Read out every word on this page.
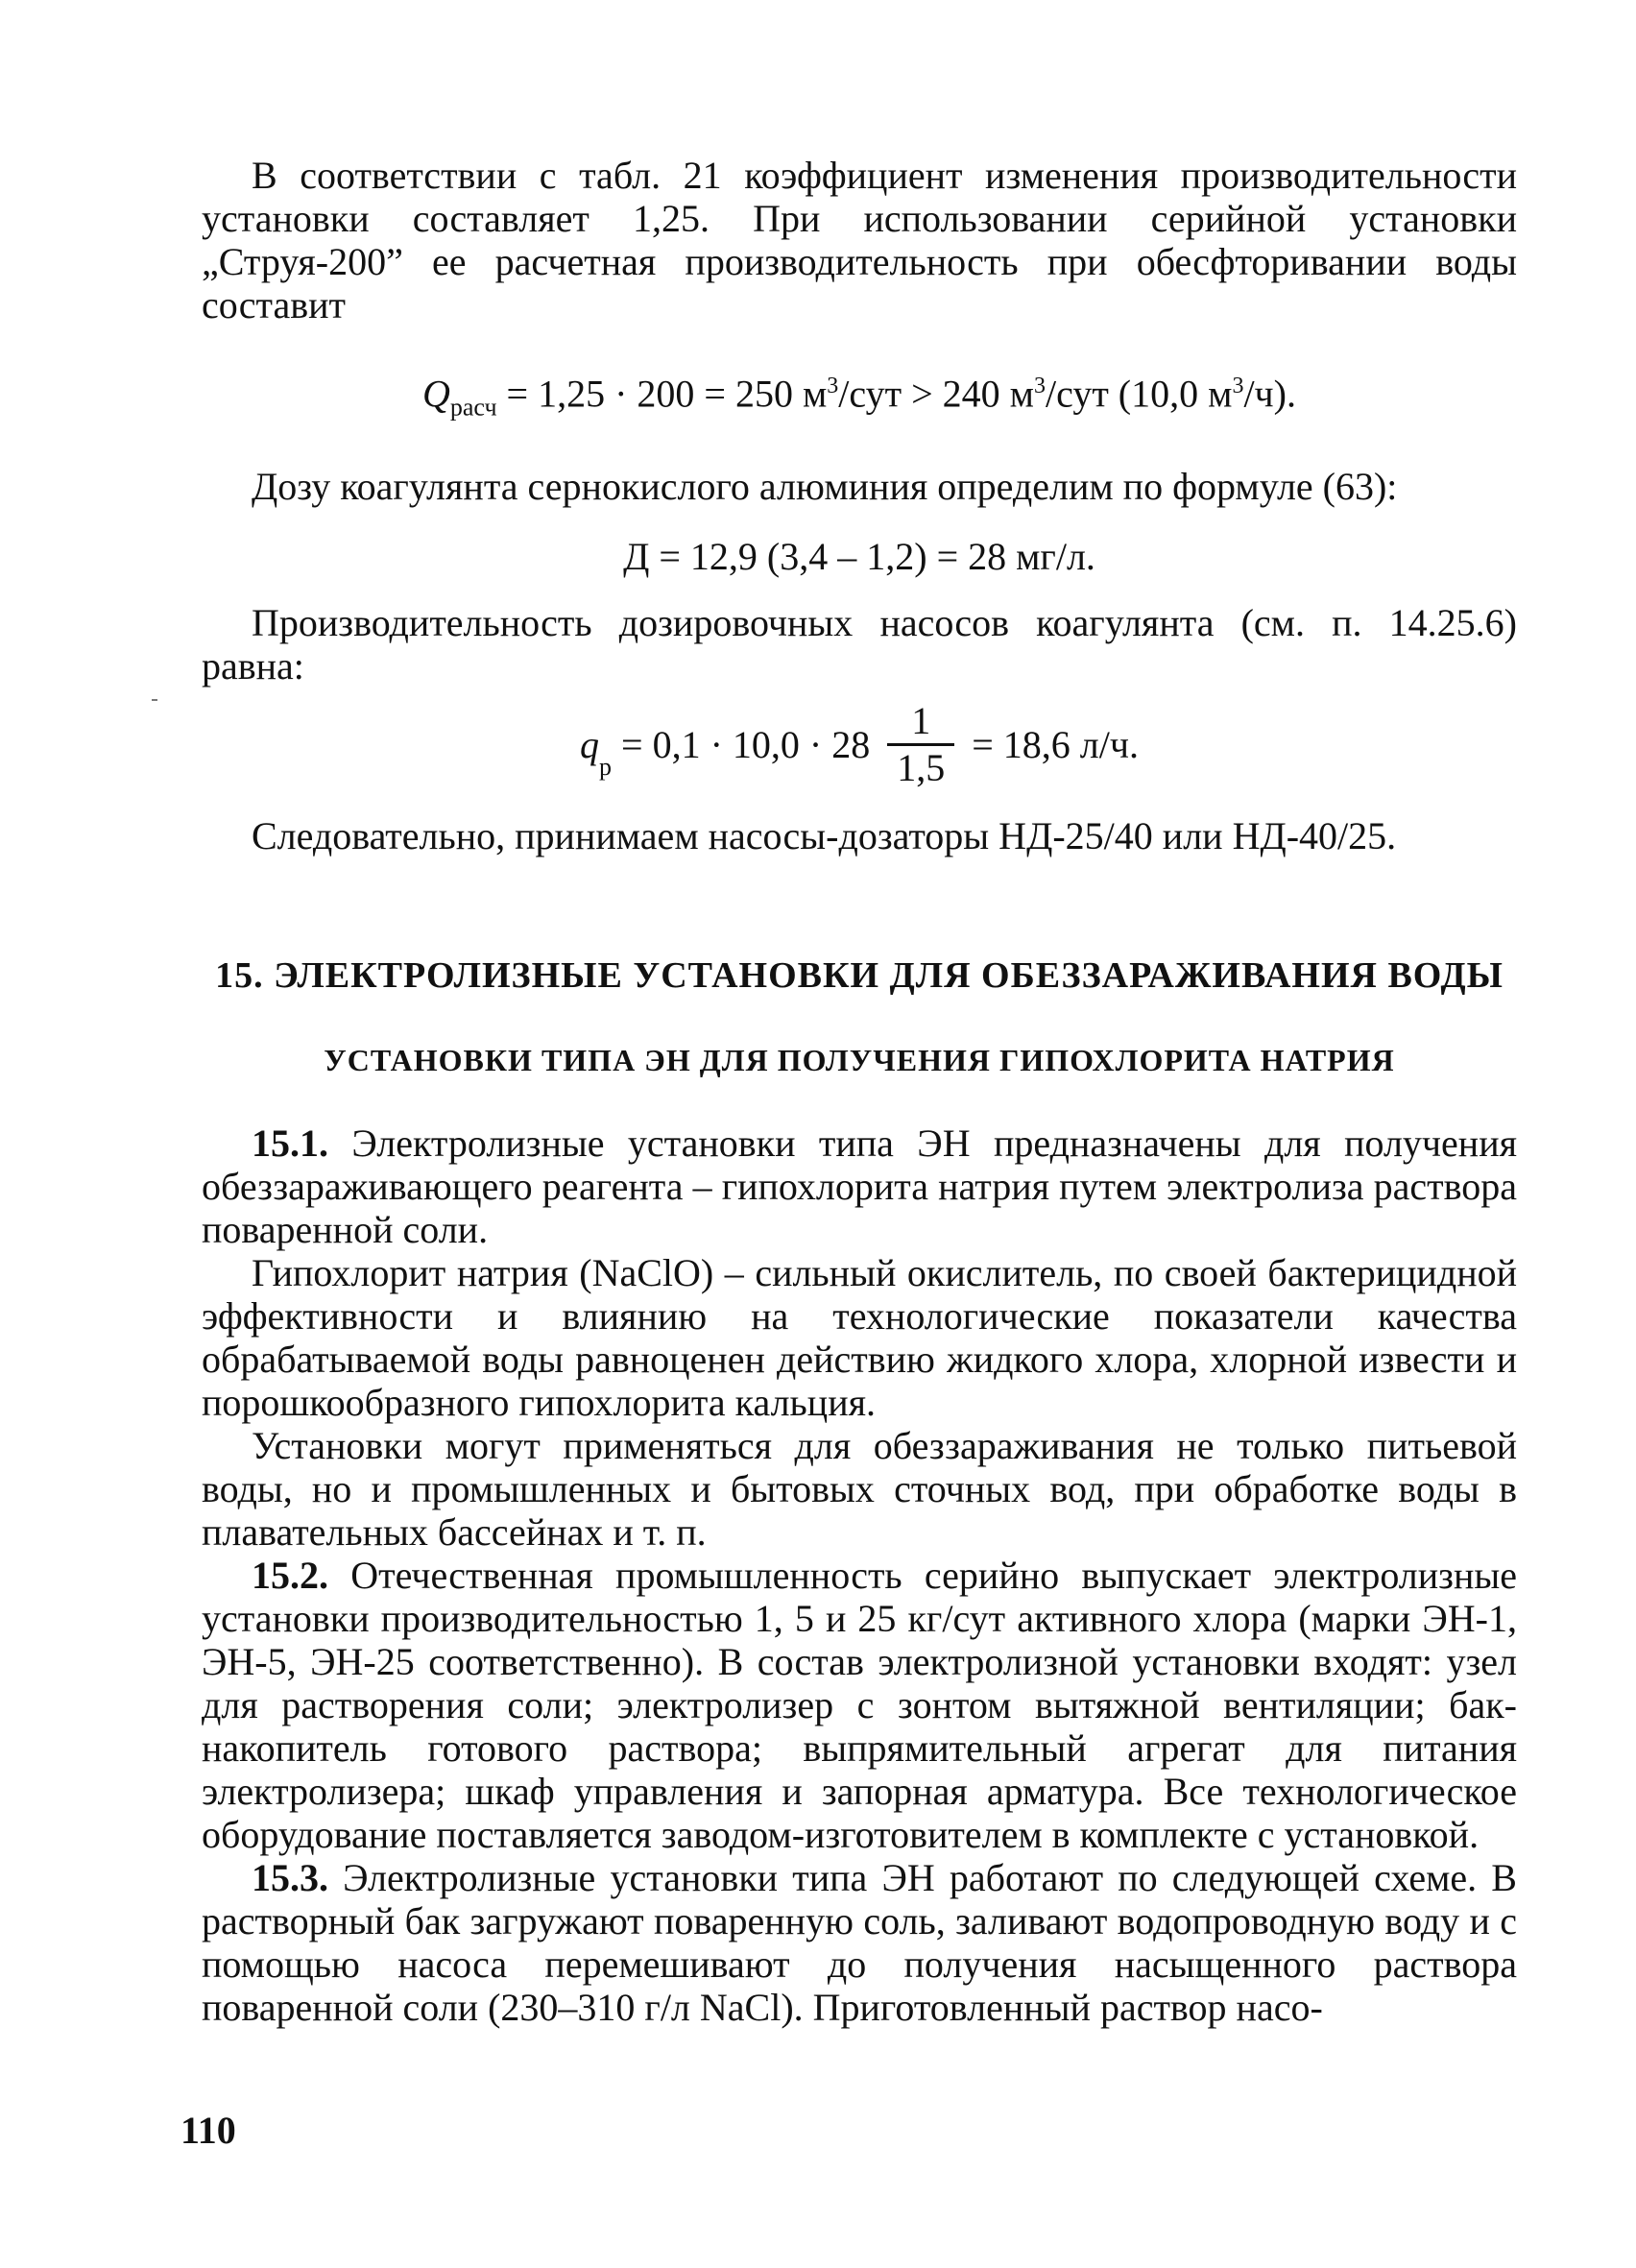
В соответствии с табл. 21 коэффициент изменения производительности установки составляет 1,25. При использовании серийной установки „Струя-200” ее расчетная производительность при обесфторивании воды составит

$Q_{расч} = 1,25 \cdot 200 = 250$ $м^3$/сут > 240 $м^3$/сут (10,0 $м^3/ч$).

Дозу коагулянта сернокислого алюминия определим по формуле (63):

Д = 12,9 (3,4 – 1,2) = 28 мг/л.

Производительность дозировочных насосов коагулянта (см. п. 14.25.6) равна:

q
$_р$
= $0,1 \cdot 10,0 \cdot 28 \frac{1}{1,5} = 18,6$ л/ч.

Следовательно, принимаем насосы-дозаторы НД-25/40 или НД-40/25.

15. ЭЛЕКТРОЛИЗНЫЕ УСТАНОВКИ ДЛЯ ОБЕЗЗАРАЖИВАНИЯ ВОДЫ
УСТАНОВКИ ТИПА ЭН ДЛЯ ПОЛУЧЕНИЯ ГИПОХЛОРИТА НАТРИЯ

15.1. Электролизные установки типа ЭН предназначены для получения обеззараживающего реагента – гипохлорита натрия путем электролиза раствора поваренной соли.

Гипохлорит натрия (NaClO) – сильный окислитель, по своей бактерицидной эффективности и влиянию на технологические показатели качества обрабатываемой воды равноценен действию жидкого хлора, хлорной извести и порошкообразного гипохлорита кальция.

Установки могут применяться для обеззараживания не только питьевой воды, но и промышленных и бытовых сточных вод, при обработке воды в плавательных бассейнах и т. п.

15.2. Отечественная промышленность серийно выпускает электролизные установки производительностью 1, 5 и 25 кг/сут активного хлора (марки ЭН-1, ЭН-5, ЭН-25 соответственно). В состав электролизной установки входят: узел для растворения соли; электролизер с зонтом вытяжной вентиляции; бак-накопитель готового раствора; выпрямительный агрегат для питания электролизера; шкаф управления и запорная арматура. Все технологическое оборудование поставляется заводом-изготовителем в комплекте с установкой.

15.3. Электролизные установки типа ЭН работают по следующей схеме. В растворный бак загружают поваренную соль, заливают водопроводную воду и с помощью насоса перемешивают до получения насыщенного раствора поваренной соли (230–310 г/л NaCl). Приготовленный раствор насо-

110
